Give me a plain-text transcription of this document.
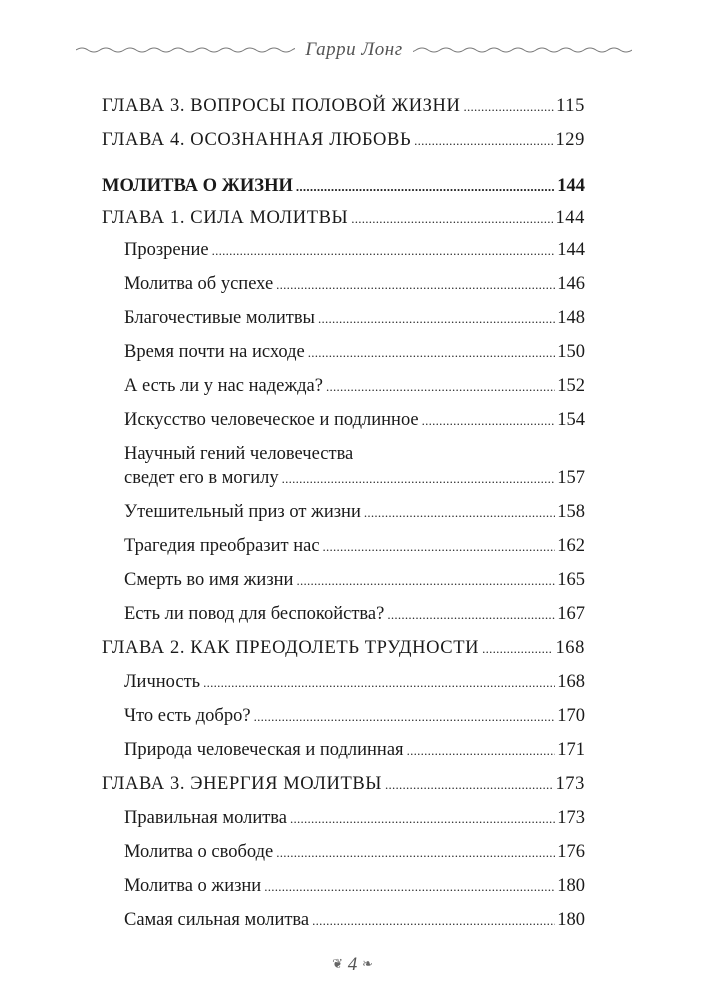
Гарри Лонг
ГЛАВА 3. ВОПРОСЫ ПОЛОВОЙ ЖИЗНИ . . .	115
ГЛАВА 4. ОСОЗНАННАЯ ЛЮБОВЬ . . .	129
МОЛИТВА О ЖИЗНИ . . .	144
ГЛАВА 1. СИЛА МОЛИТВЫ . . .	144
Прозрение . . .	144
Молитва об успехе . . .	146
Благочестивые молитвы . . .	148
Время почти на исходе . . .	150
А есть ли у нас надежда? . . .	152
Искусство человеческое и подлинное . . .	154
Научный гений человечества
сведет его в могилу . . .	157
Утешительный приз от жизни . . .	158
Трагедия преобразит нас . . .	162
Смерть во имя жизни . . .	165
Есть ли повод для беспокойства? . . .	167
ГЛАВА 2. КАК ПРЕОДОЛЕТЬ ТРУДНОСТИ . . .	168
Личность . . .	168
Что есть добро? . . .	170
Природа человеческая и подлинная . . .	171
ГЛАВА 3. ЭНЕРГИЯ МОЛИТВЫ . . .	173
Правильная молитва . . .	173
Молитва о свободе . . .	176
Молитва о жизни . . .	180
Самая сильная молитва . . .	180
❦ 4 ❧
